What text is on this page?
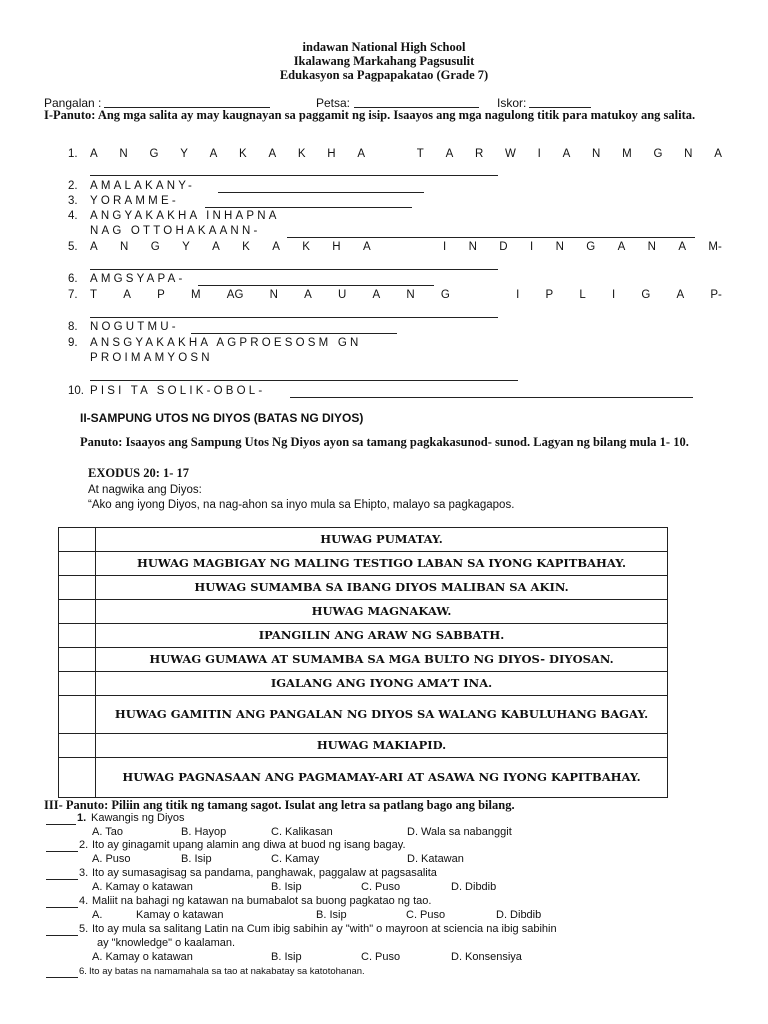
indawan National High School
Ikalawang Markahang Pagsusulit
Edukasyon sa Pagpapakatao (Grade 7)
Pangalan :	Petsa:	Iskor:
I-Panuto: Ang mga salita ay may kaugnayan sa paggamit ng isip. Isaayos ang mga nagulong titik para matukoy ang salita.
1. A N G Y A K A K H A	T A R W I A N M G N A
2. AMALAKANY-
3. YORAMME-
4. ANGYAKAKHA INHAPNA
NAG OTTOHAKAANN-
5. A N G Y A K A K H A	I N D I N G A N A M-
6. AMGSYAPA-
7. T A P M AG N A U A N G	I P L I G A P-
8. NOGUTMU-
9. ANSGYAKAKHA AGPROESOSM GN
PROIMAMYOSN
10. PISI TA SOLIK-OBOL-
II-SAMPUNG UTOS NG DIYOS (BATAS NG DIYOS)
Panuto: Isaayos ang Sampung Utos Ng Diyos ayon sa tamang pagkakasunod- sunod. Lagyan ng bilang mula 1- 10.
EXODUS 20: 1- 17
At nagwika ang Diyos:
“Ako ang iyong Diyos, na nag-ahon sa inyo mula sa Ehipto, malayo sa pagkagapos.
	HUWAG PUMATAY.
	HUWAG MAGBIGAY NG MALING TESTIGO LABAN SA IYONG KAPITBAHAY.
	HUWAG SUMAMBA SA IBANG DIYOS MALIBAN SA AKIN.
	HUWAG MAGNAKAW.
	IPANGILIN ANG ARAW NG SABBATH.
	HUWAG GUMAWA AT SUMAMBA SA MGA BULTO NG DIYOS- DIYOSAN.
	IGALANG ANG IYONG AMA’T INA.
	HUWAG GAMITIN ANG PANGALAN NG DIYOS SA WALANG KABULUHANG BAGAY.
	HUWAG MAKIAPID.
	HUWAG PAGNASAAN ANG PAGMAMAY-ARI AT ASAWA NG IYONG KAPITBAHAY.
III- Panuto: Piliin ang titik ng tamang sagot. Isulat ang letra sa patlang bago ang bilang.
1. Kawangis ng Diyos
A. Tao	B. Hayop	C. Kalikasan	D. Wala sa nabanggit
2. Ito ay ginagamit upang alamin ang diwa at buod ng isang bagay.
A. Puso	B. Isip	C. Kamay	D. Katawan
3. Ito ay sumasagisag sa pandama, panghawak, paggalaw at pagsasalita
A. Kamay o katawan	B. Isip	C. Puso	D. Dibdib
4. Maliit na bahagi ng katawan na bumabalot sa buong pagkatao ng tao.
A.	Kamay o katawan	B. Isip	C. Puso	D. Dibdib
5. Ito ay mula sa salitang Latin na Cum ibig sabihin ay "with" o mayroon at sciencia na ibig sabihin
ay "knowledge" o kaalaman.
A. Kamay o katawan	B. Isip	C. Puso	D. Konsensiya
6. Ito ay batas na namamahala sa tao at nakabatay sa katotohanan.
